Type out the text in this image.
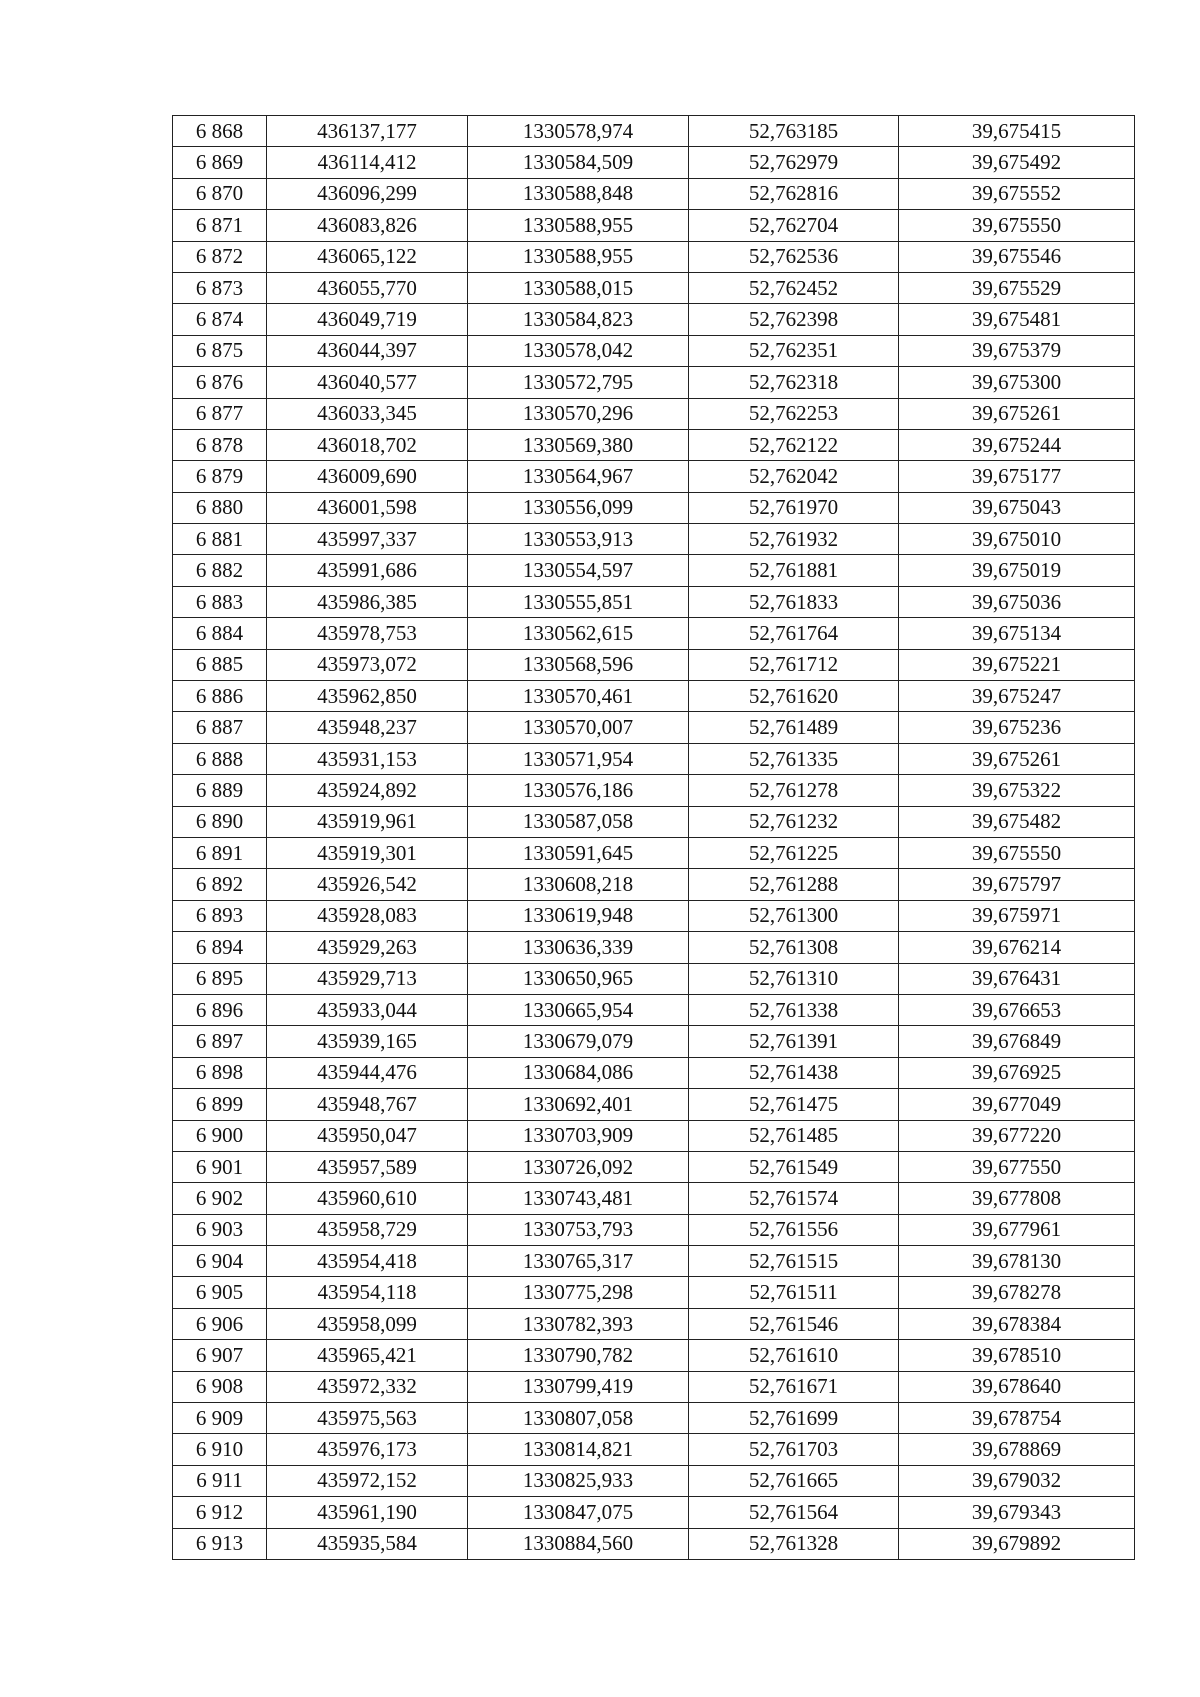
6 868	436137,177	1330578,974	52,763185	39,675415
6 869	436114,412	1330584,509	52,762979	39,675492
6 870	436096,299	1330588,848	52,762816	39,675552
6 871	436083,826	1330588,955	52,762704	39,675550
6 872	436065,122	1330588,955	52,762536	39,675546
6 873	436055,770	1330588,015	52,762452	39,675529
6 874	436049,719	1330584,823	52,762398	39,675481
6 875	436044,397	1330578,042	52,762351	39,675379
6 876	436040,577	1330572,795	52,762318	39,675300
6 877	436033,345	1330570,296	52,762253	39,675261
6 878	436018,702	1330569,380	52,762122	39,675244
6 879	436009,690	1330564,967	52,762042	39,675177
6 880	436001,598	1330556,099	52,761970	39,675043
6 881	435997,337	1330553,913	52,761932	39,675010
6 882	435991,686	1330554,597	52,761881	39,675019
6 883	435986,385	1330555,851	52,761833	39,675036
6 884	435978,753	1330562,615	52,761764	39,675134
6 885	435973,072	1330568,596	52,761712	39,675221
6 886	435962,850	1330570,461	52,761620	39,675247
6 887	435948,237	1330570,007	52,761489	39,675236
6 888	435931,153	1330571,954	52,761335	39,675261
6 889	435924,892	1330576,186	52,761278	39,675322
6 890	435919,961	1330587,058	52,761232	39,675482
6 891	435919,301	1330591,645	52,761225	39,675550
6 892	435926,542	1330608,218	52,761288	39,675797
6 893	435928,083	1330619,948	52,761300	39,675971
6 894	435929,263	1330636,339	52,761308	39,676214
6 895	435929,713	1330650,965	52,761310	39,676431
6 896	435933,044	1330665,954	52,761338	39,676653
6 897	435939,165	1330679,079	52,761391	39,676849
6 898	435944,476	1330684,086	52,761438	39,676925
6 899	435948,767	1330692,401	52,761475	39,677049
6 900	435950,047	1330703,909	52,761485	39,677220
6 901	435957,589	1330726,092	52,761549	39,677550
6 902	435960,610	1330743,481	52,761574	39,677808
6 903	435958,729	1330753,793	52,761556	39,677961
6 904	435954,418	1330765,317	52,761515	39,678130
6 905	435954,118	1330775,298	52,761511	39,678278
6 906	435958,099	1330782,393	52,761546	39,678384
6 907	435965,421	1330790,782	52,761610	39,678510
6 908	435972,332	1330799,419	52,761671	39,678640
6 909	435975,563	1330807,058	52,761699	39,678754
6 910	435976,173	1330814,821	52,761703	39,678869
6 911	435972,152	1330825,933	52,761665	39,679032
6 912	435961,190	1330847,075	52,761564	39,679343
6 913	435935,584	1330884,560	52,761328	39,679892
